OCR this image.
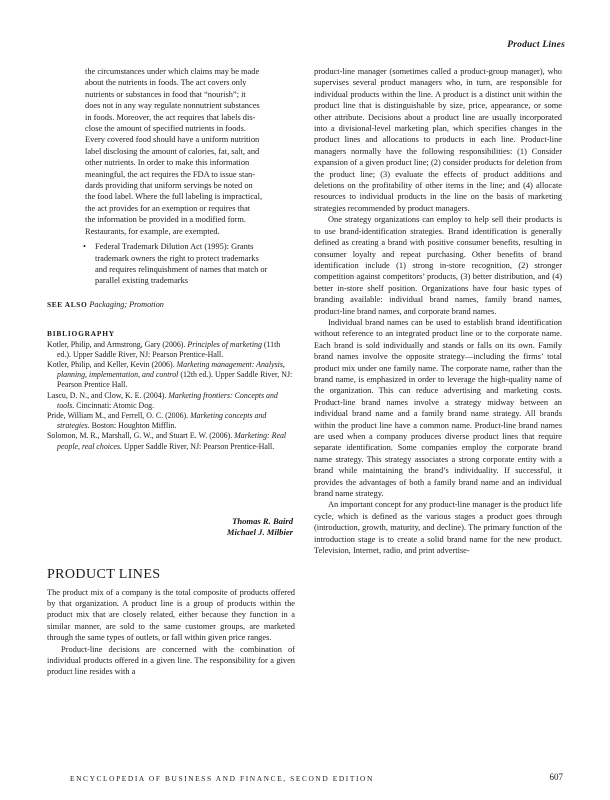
Product Lines

the circumstances under which claims may be made

about the nutrients in foods. The act covers only

nutrients or substances in food that “nourish”; it

does not in any way regulate nonnutrient substances

in foods. Moreover, the act requires that labels dis-

close the amount of specified nutrients in foods.

Every covered food should have a uniform nutrition

label disclosing the amount of calories, fat, salt, and

other nutrients. In order to make this information

meaningful, the act requires the FDA to issue stan-

dards providing that uniform servings be noted on

the food label. Where the full labeling is impractical,

the act provides for an exemption or requires that

the information be provided in a modified form.

Restaurants, for example, are exempted.

• Federal Trademark Dilution Act (1995): Grants
trademark owners the right to protect trademarks
and requires relinquishment of names that match or
parallel existing trademarks
SEE ALSO Packaging; Promotion
BIBLIOGRAPHY

Kotler, Philip, and Armstrong, Gary (2006). Principles of marketing (11th ed.). Upper Saddle River, NJ: Pearson Prentice-Hall.

Kotler, Philip, and Keller, Kevin (2006). Marketing management: Analysis, planning, implementation, and control (12th ed.). Upper Saddle River, NJ: Pearson Prentice Hall.

Lascu, D. N., and Clow, K. E. (2004). Marketing frontiers: Concepts and tools. Cincinnati: Atomic Dog.

Pride, William M., and Ferrell, O. C. (2006). Marketing concepts and strategies. Boston: Houghton Mifflin.

Solomon, M. R., Marshall, G. W., and Stuart E. W. (2006). Marketing: Real people, real choices. Upper Saddle River, NJ: Pearson Prentice-Hall.

Thomas R. Baird
Michael J. Milbier
PRODUCT LINES

The product mix of a company is the total composite of products offered by that organization. A product line is a group of products within the product mix that are closely related, either because they function in a similar manner, are sold to the same customer groups, are marketed through the same types of outlets, or fall within given price ranges.

Product-line decisions are concerned with the combination of individual products offered in a given line. The responsibility for a given product line resides with a

product-line manager (sometimes called a product-group manager), who supervises several product managers who, in turn, are responsible for individual products within the line. A product is a distinct unit within the product line that is distinguishable by size, price, appearance, or some other attribute. Decisions about a product line are usually incorporated into a divisional-level marketing plan, which specifies changes in the product lines and allocations to products in each line. Product-line managers normally have the following responsibilities: (1) Consider expansion of a given product line; (2) consider products for deletion from the product line; (3) evaluate the effects of product additions and deletions on the profitability of other items in the line; and (4) allocate resources to individual products in the line on the basis of marketing strategies recommended by product managers.

One strategy organizations can employ to help sell their products is to use brand-identification strategies. Brand identification is generally defined as creating a brand with positive consumer benefits, resulting in consumer loyalty and repeat purchasing. Other benefits of brand identification include (1) strong in-store recognition, (2) stronger competition against competitors’ products, (3) better distribution, and (4) better in-store shelf position. Organizations have four basic types of branding available: individual brand names, family brand names, product-line brand names, and corporate brand names.

Individual brand names can be used to establish brand identification without reference to an integrated product line or to the corporate name. Each brand is sold individually and stands or falls on its own. Family brand names involve the opposite strategy—including the firms’ total product mix under one family name. The corporate name, rather than the brand name, is emphasized in order to leverage the high-quality name of the organization. This can reduce advertising and marketing costs. Product-line brand names involve a strategy midway between an individual brand name and a family brand name strategy. All brands within the product line have a common name. Product-line brand names are used when a company produces diverse product lines that require separate identification. Some companies employ the corporate brand name strategy. This strategy associates a strong corporate entity with a brand while maintaining the brand’s individuality. If successful, it provides the advantages of both a family brand name and an individual brand name strategy.

An important concept for any product-line manager is the product life cycle, which is defined as the various stages a product goes through (introduction, growth, maturity, and decline). The primary function of the introduction stage is to create a solid brand name for the new product. Television, Internet, radio, and print advertise-

ENCYCLOPEDIA OF BUSINESS AND FINANCE, SECOND EDITION	607
